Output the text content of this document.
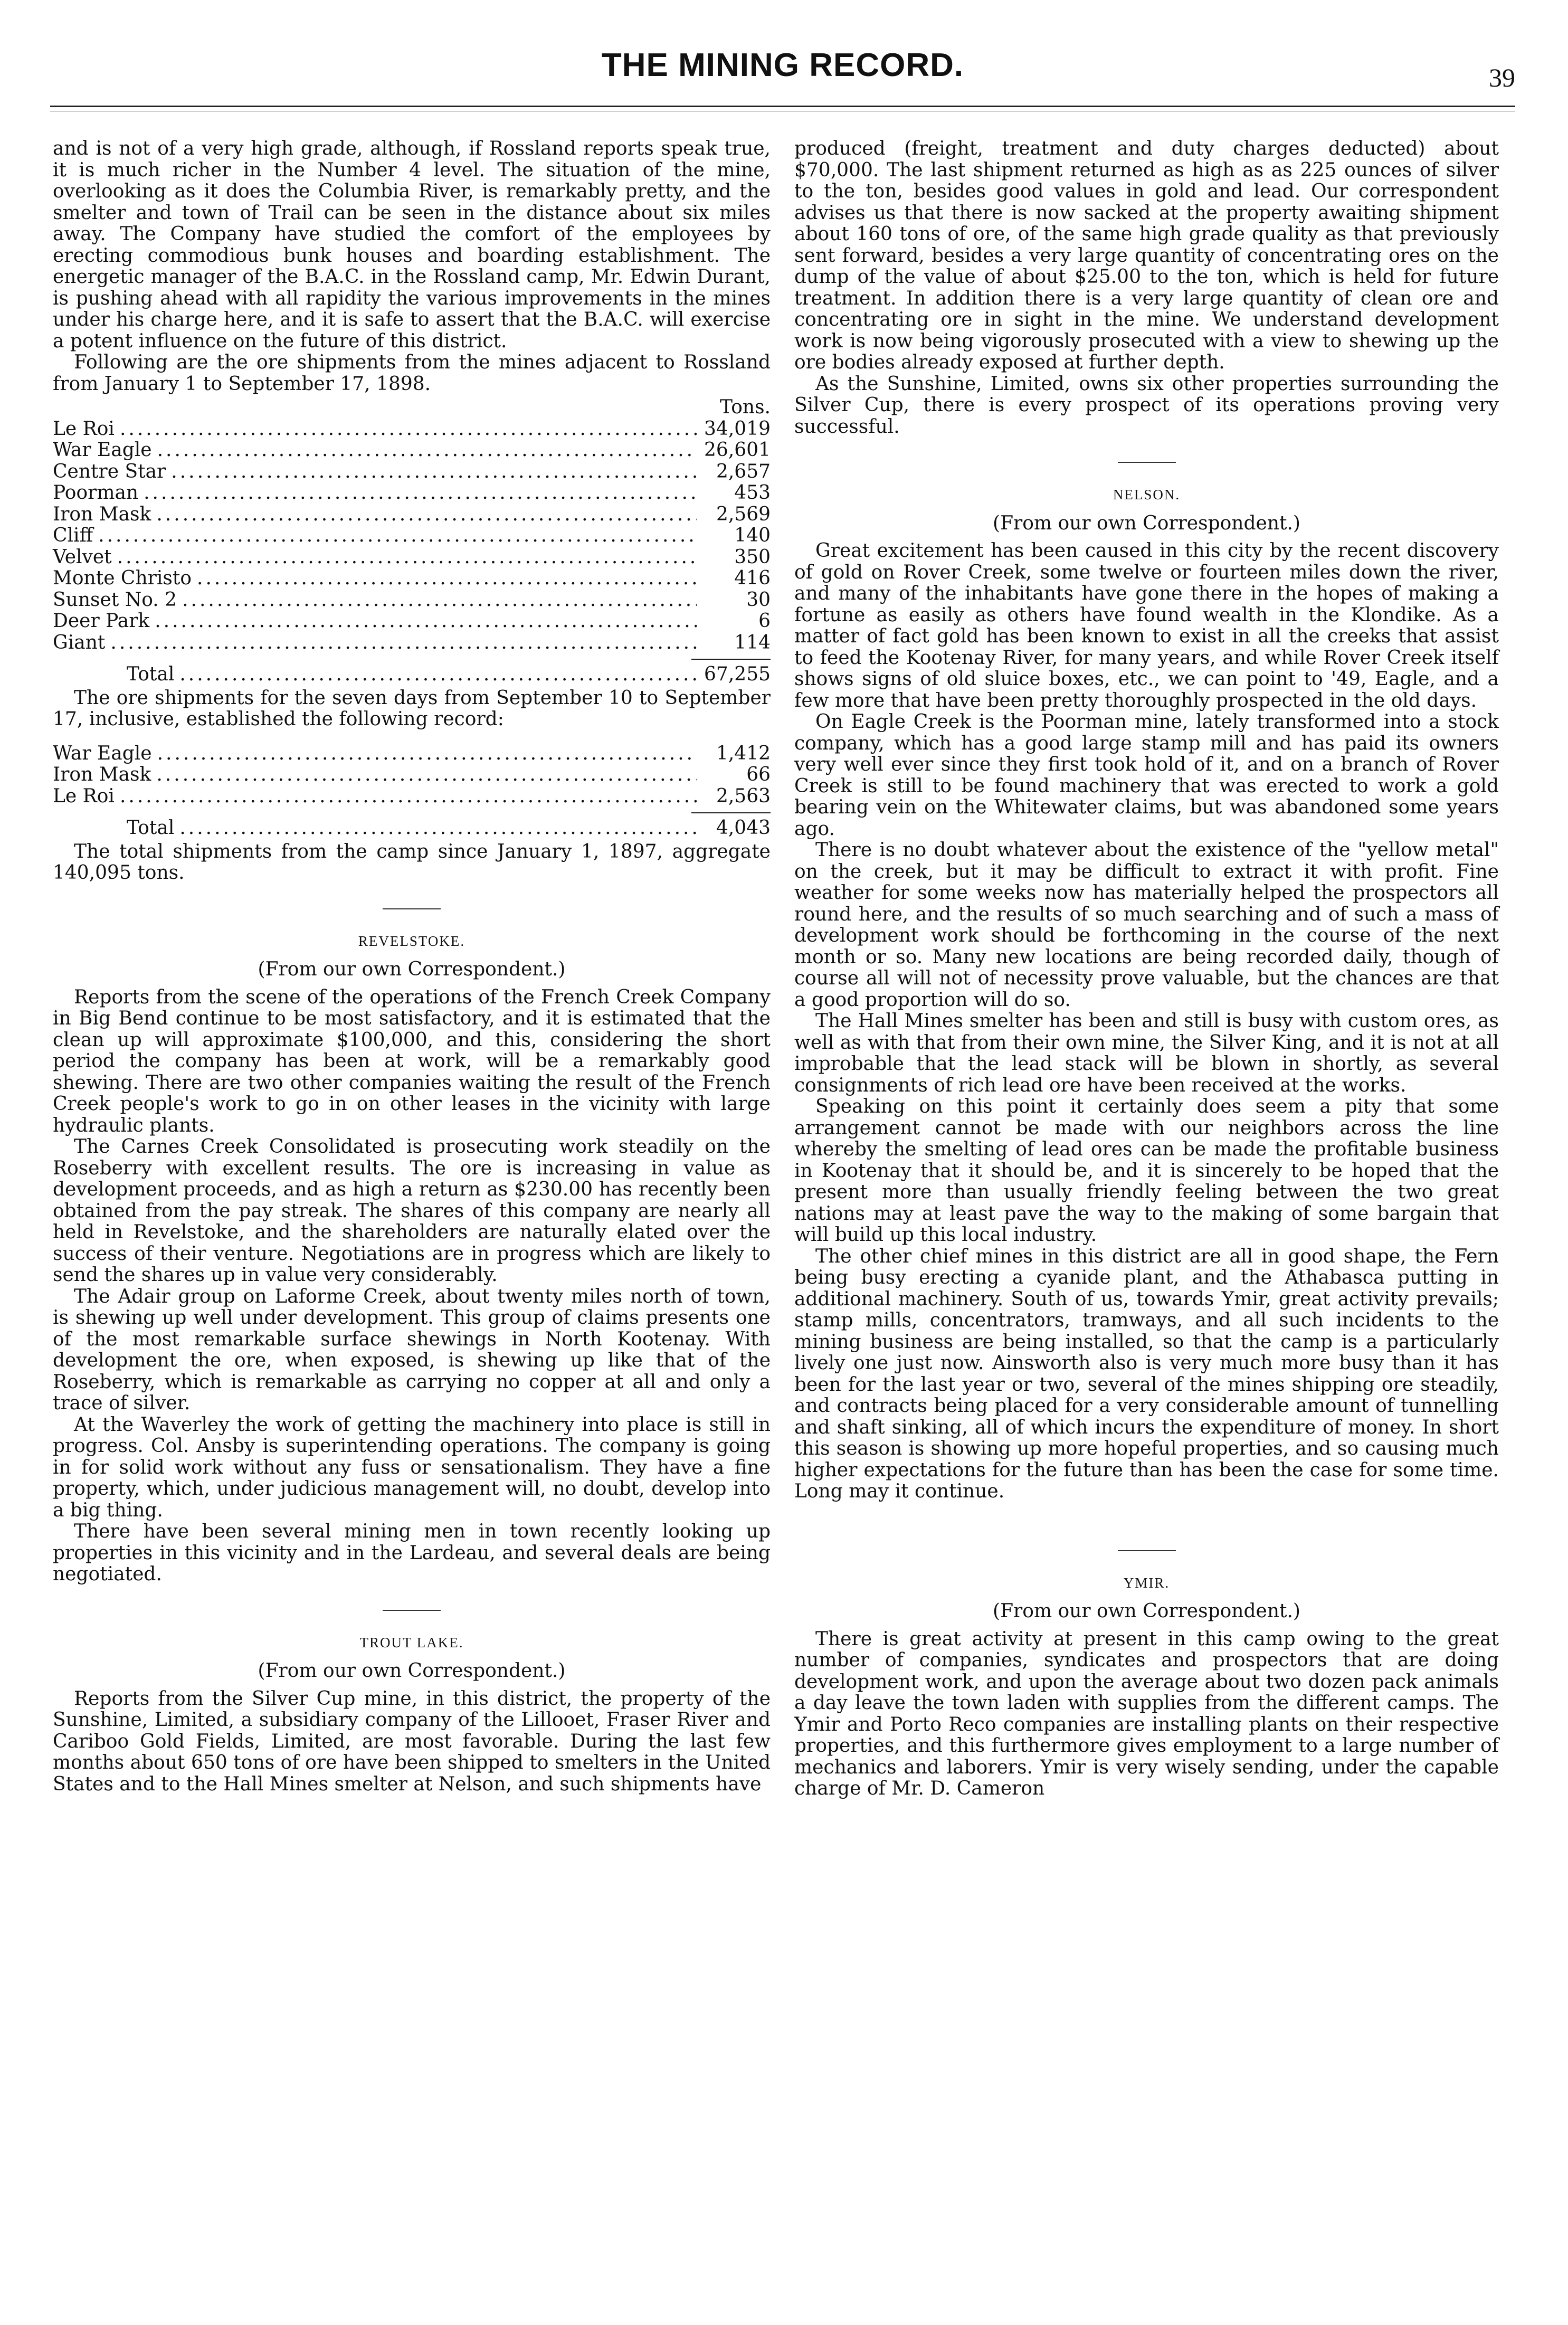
THE MINING RECORD.	39

and is not of a very high grade, although, if Rossland reports speak true, it is much richer in the Number 4 level. The situation of the mine, overlooking as it does the Columbia River, is remarkably pretty, and the smelter and town of Trail can be seen in the distance about six miles away. The Company have studied the comfort of the employees by erecting commodious bunk houses and boarding establishment. The energetic manager of the B.A.C. in the Rossland camp, Mr. Edwin Durant, is pushing ahead with all rapidity the various improvements in the mines under his charge here, and it is safe to assert that the B.A.C. will exercise a potent influence on the future of this district.

Following are the ore shipments from the mines adjacent to Rossland from January 1 to September 17, 1898.

Tons.
Le Roi .....	34,019
War Eagle .....	26,601
Centre Star .....	2,657
Poorman .....	453
Iron Mask .....	2,569
Cliff .....	140
Velvet .....	350
Monte Christo .....	416
Sunset No. 2 .....	30
Deer Park .....	6
Giant .....	114
Total .....	67,255

The ore shipments for the seven days from September 10 to September 17, inclusive, established the following record:

War Eagle .....	1,412
Iron Mask .....	66
Le Roi .....	2,563
Total .....	4,043

The total shipments from the camp since January 1, 1897, aggregate 140,095 tons.

REVELSTOKE.
(From our own Correspondent.)

Reports from the scene of the operations of the French Creek Company in Big Bend continue to be most satisfactory, and it is estimated that the clean up will approximate $100,000, and this, considering the short period the company has been at work, will be a remarkably good shewing. There are two other companies waiting the result of the French Creek people's work to go in on other leases in the vicinity with large hydraulic plants.

The Carnes Creek Consolidated is prosecuting work steadily on the Roseberry with excellent results. The ore is increasing in value as development proceeds, and as high a return as $230.00 has recently been obtained from the pay streak. The shares of this company are nearly all held in Revelstoke, and the shareholders are naturally elated over the success of their venture. Negotiations are in progress which are likely to send the shares up in value very considerably.

The Adair group on Laforme Creek, about twenty miles north of town, is shewing up well under development. This group of claims presents one of the most remarkable surface shewings in North Kootenay. With development the ore, when exposed, is shewing up like that of the Roseberry, which is remarkable as carrying no copper at all and only a trace of silver.

At the Waverley the work of getting the machinery into place is still in progress. Col. Ansby is superintending operations. The company is going in for solid work without any fuss or sensationalism. They have a fine property, which, under judicious management will, no doubt, develop into a big thing.

There have been several mining men in town recently looking up properties in this vicinity and in the Lardeau, and several deals are being negotiated.

TROUT LAKE.
(From our own Correspondent.)

Reports from the Silver Cup mine, in this district, the property of the Sunshine, Limited, a subsidiary company of the Lillooet, Fraser River and Cariboo Gold Fields, Limited, are most favorable. During the last few months about 650 tons of ore have been shipped to smelters in the United States and to the Hall Mines smelter at Nelson, and such shipments have

produced (freight, treatment and duty charges deducted) about $70,000. The last shipment returned as high as as 225 ounces of silver to the ton, besides good values in gold and lead. Our correspondent advises us that there is now sacked at the property awaiting shipment about 160 tons of ore, of the same high grade quality as that previously sent forward, besides a very large quantity of concentrating ores on the dump of the value of about $25.00 to the ton, which is held for future treatment. In addition there is a very large quantity of clean ore and concentrating ore in sight in the mine. We understand development work is now being vigorously prosecuted with a view to shewing up the ore bodies already exposed at further depth.

As the Sunshine, Limited, owns six other properties surrounding the Silver Cup, there is every prospect of its operations proving very successful.

NELSON.
(From our own Correspondent.)

Great excitement has been caused in this city by the recent discovery of gold on Rover Creek, some twelve or fourteen miles down the river, and many of the inhabitants have gone there in the hopes of making a fortune as easily as others have found wealth in the Klondike. As a matter of fact gold has been known to exist in all the creeks that assist to feed the Kootenay River, for many years, and while Rover Creek itself shows signs of old sluice boxes, etc., we can point to '49, Eagle, and a few more that have been pretty thoroughly prospected in the old days.

On Eagle Creek is the Poorman mine, lately transformed into a stock company, which has a good large stamp mill and has paid its owners very well ever since they first took hold of it, and on a branch of Rover Creek is still to be found machinery that was erected to work a gold bearing vein on the Whitewater claims, but was abandoned some years ago.

There is no doubt whatever about the existence of the "yellow metal" on the creek, but it may be difficult to extract it with profit. Fine weather for some weeks now has materially helped the prospectors all round here, and the results of so much searching and of such a mass of development work should be forthcoming in the course of the next month or so. Many new locations are being recorded daily, though of course all will not of necessity prove valuable, but the chances are that a good proportion will do so.

The Hall Mines smelter has been and still is busy with custom ores, as well as with that from their own mine, the Silver King, and it is not at all improbable that the lead stack will be blown in shortly, as several consignments of rich lead ore have been received at the works.

Speaking on this point it certainly does seem a pity that some arrangement cannot be made with our neighbors across the line whereby the smelting of lead ores can be made the profitable business in Kootenay that it should be, and it is sincerely to be hoped that the present more than usually friendly feeling between the two great nations may at least pave the way to the making of some bargain that will build up this local industry.

The other chief mines in this district are all in good shape, the Fern being busy erecting a cyanide plant, and the Athabasca putting in additional machinery. South of us, towards Ymir, great activity prevails; stamp mills, concentrators, tramways, and all such incidents to the mining business are being installed, so that the camp is a particularly lively one just now. Ainsworth also is very much more busy than it has been for the last year or two, several of the mines shipping ore steadily, and contracts being placed for a very considerable amount of tunnelling and shaft sinking, all of which incurs the expenditure of money. In short this season is showing up more hopeful properties, and so causing much higher expectations for the future than has been the case for some time. Long may it continue.

YMIR.
(From our own Correspondent.)

There is great activity at present in this camp owing to the great number of companies, syndicates and prospectors that are doing development work, and upon the average about two dozen pack animals a day leave the town laden with supplies from the different camps. The Ymir and Porto Reco companies are installing plants on their respective properties, and this furthermore gives employment to a large number of mechanics and laborers. Ymir is very wisely sending, under the capable charge of Mr. D. Cameron
